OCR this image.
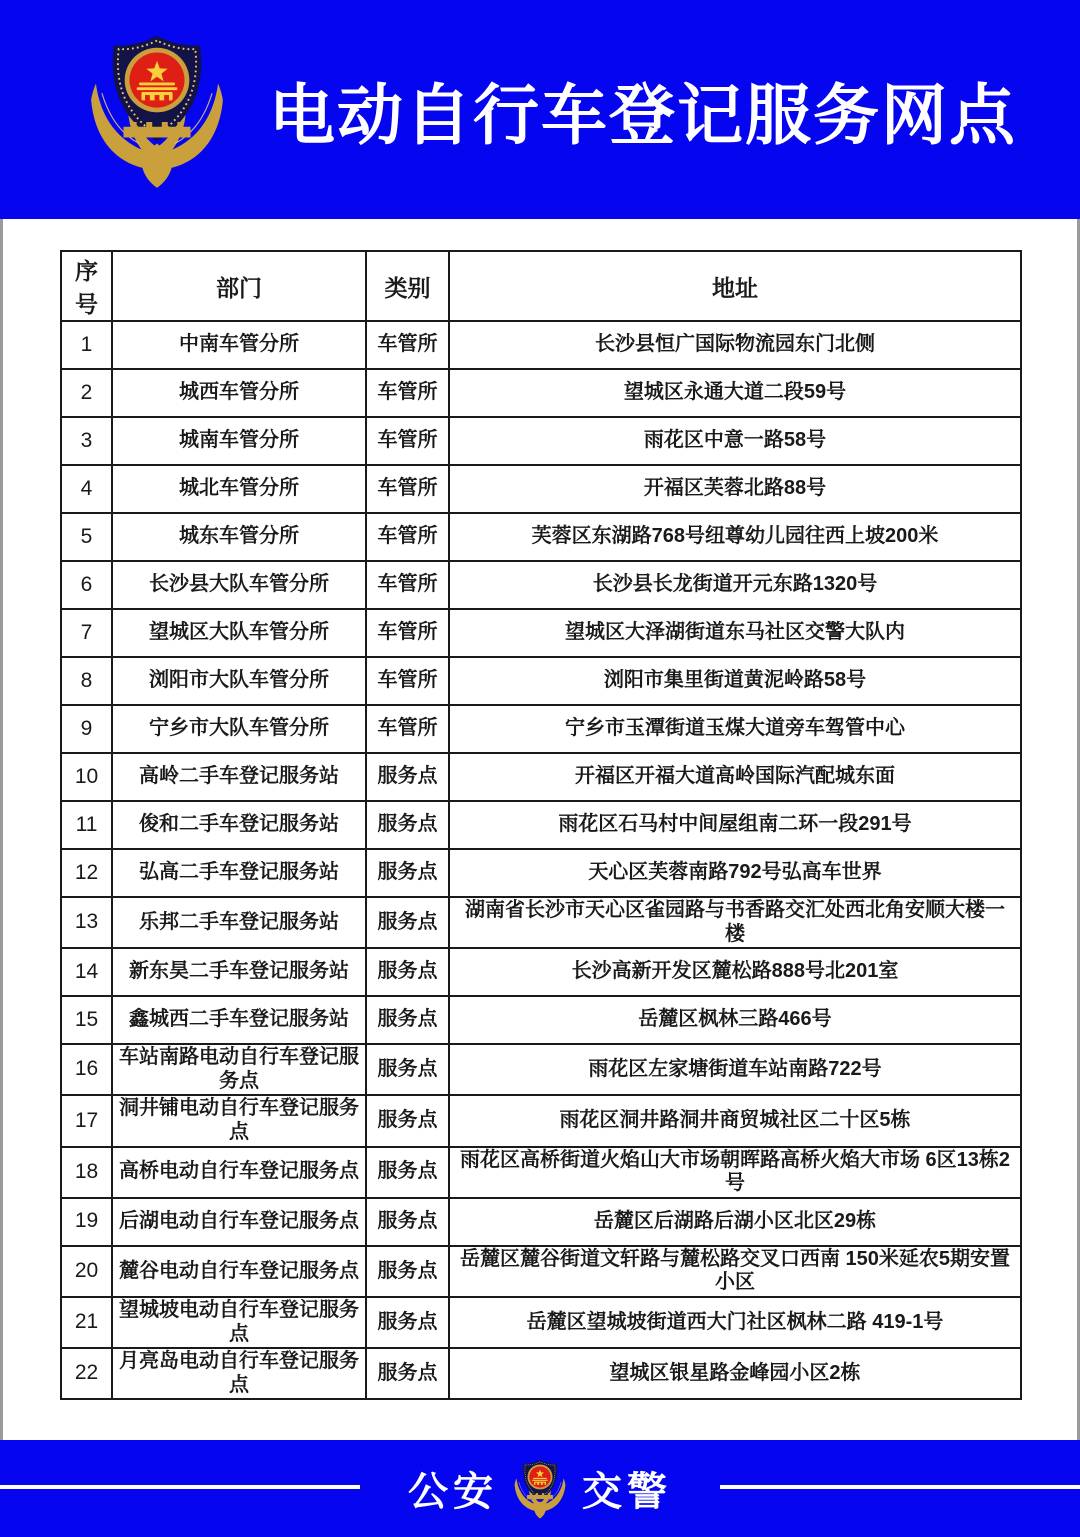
电动自行车登记服务网点
序号	部门	类别	地址
1	中南车管分所	车管所	长沙县恒广国际物流园东门北侧
2	城西车管分所	车管所	望城区永通大道二段59号
3	城南车管分所	车管所	雨花区中意一路58号
4	城北车管分所	车管所	开福区芙蓉北路88号
5	城东车管分所	车管所	芙蓉区东湖路768号纽尊幼儿园往西上坡200米
6	长沙县大队车管分所	车管所	长沙县长龙街道开元东路1320号
7	望城区大队车管分所	车管所	望城区大泽湖街道东马社区交警大队内
8	浏阳市大队车管分所	车管所	浏阳市集里街道黄泥岭路58号
9	宁乡市大队车管分所	车管所	宁乡市玉潭街道玉煤大道旁车驾管中心
10	高岭二手车登记服务站	服务点	开福区开福大道高岭国际汽配城东面
11	俊和二手车登记服务站	服务点	雨花区石马村中间屋组南二环一段291号
12	弘高二手车登记服务站	服务点	天心区芙蓉南路792号弘高车世界
13	乐邦二手车登记服务站	服务点	湖南省长沙市天心区雀园路与书香路交汇处西北角安顺大楼一楼
14	新东昊二手车登记服务站	服务点	长沙高新开发区麓松路888号北201室
15	鑫城西二手车登记服务站	服务点	岳麓区枫林三路466号
16	车站南路电动自行车登记服务点	服务点	雨花区左家塘街道车站南路722号
17	洞井铺电动自行车登记服务点	服务点	雨花区洞井路洞井商贸城社区二十区5栋
18	高桥电动自行车登记服务点	服务点	雨花区高桥街道火焰山大市场朝晖路高桥火焰大市场 6区13栋2号
19	后湖电动自行车登记服务点	服务点	岳麓区后湖路后湖小区北区29栋
20	麓谷电动自行车登记服务点	服务点	岳麓区麓谷街道文轩路与麓松路交叉口西南 150米延农5期安置小区
21	望城坡电动自行车登记服务点	服务点	岳麓区望城坡街道西大门社区枫林二路 419-1号
22	月亮岛电动自行车登记服务点	服务点	望城区银星路金峰园小区2栋
公安 交警
